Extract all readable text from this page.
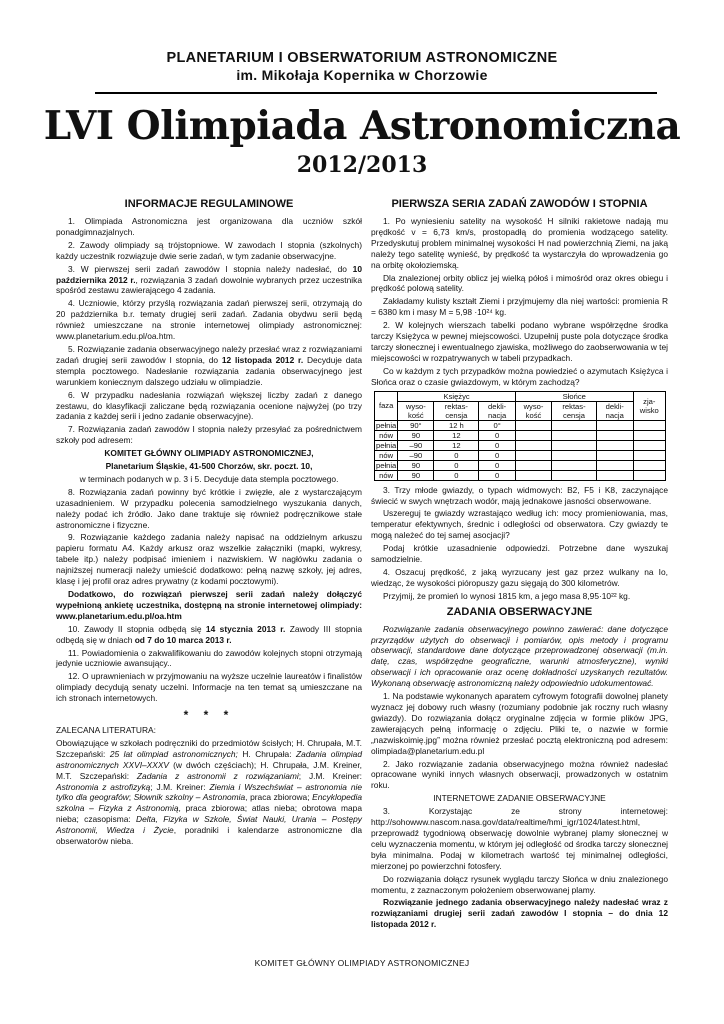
PLANETARIUM I OBSERWATORIUM ASTRONOMICZNE
im. Mikołaja Kopernika w Chorzowie
LVI Olimpiada Astronomiczna
2012/2013
INFORMACJE REGULAMINOWE

1. Olimpiada Astronomiczna jest organizowana dla uczniów szkół ponadgimnazjalnych.

2. Zawody olimpiady są trójstopniowe. W zawodach I stopnia (szkolnych) każdy uczestnik rozwiązuje dwie serie zadań, w tym zadanie obserwacyjne.

3. W pierwszej serii zadań zawodów I stopnia należy nadesłać, do 10 października 2012 r., rozwiązania 3 zadań dowolnie wybranych przez uczestnika spośród zestawu zawierającego 4 zadania.

4. Uczniowie, którzy przyślą rozwiązania zadań pierwszej serii, otrzymają do 20 października b.r. tematy drugiej serii zadań. Zadania obydwu serii będą również umieszczane na stronie internetowej olimpiady astronomicznej: www.planetarium.edu.pl/oa.htm.

5. Rozwiązanie zadania obserwacyjnego należy przesłać wraz z rozwiązaniami zadań drugiej serii zawodów I stopnia, do 12 listopada 2012 r. Decyduje data stempla pocztowego. Nadesłanie rozwiązania zadania obserwacyjnego jest warunkiem koniecznym dalszego udziału w olimpiadzie.

6. W przypadku nadesłania rozwiązań większej liczby zadań z danego zestawu, do klasyfikacji zaliczane będą rozwiązania ocenione najwyżej (po trzy zadania z każdej serii i jedno zadanie obserwacyjne).

7. Rozwiązania zadań zawodów I stopnia należy przesyłać za pośrednictwem szkoły pod adresem:

KOMITET GŁÓWNY OLIMPIADY ASTRONOMICZNEJ,

Planetarium Śląskie, 41-500 Chorzów, skr. poczt. 10,

w terminach podanych w p. 3 i 5. Decyduje data stempla pocztowego.

8. Rozwiązania zadań powinny być krótkie i zwięzłe, ale z wystarczającym uzasadnieniem. W przypadku polecenia samodzielnego wyszukania danych, należy podać ich źródło. Jako dane traktuje się również podręcznikowe stałe astronomiczne i fizyczne.

9. Rozwiązanie każdego zadania należy napisać na oddzielnym arkuszu papieru formatu A4. Każdy arkusz oraz wszelkie załączniki (mapki, wykresy, tabele itp.) należy podpisać imieniem i nazwiskiem. W nagłówku zadania o najniższej numeracji należy umieścić dodatkowo: pełną nazwę szkoły, jej adres, klasę i jej profil oraz adres prywatny (z kodami pocztowymi).

Dodatkowo, do rozwiązań pierwszej serii zadań należy dołączyć wypełnioną ankietę uczestnika, dostępną na stronie internetowej olimpiady: www.planetarium.edu.pl/oa.htm

10. Zawody II stopnia odbędą się 14 stycznia 2013 r. Zawody III stopnia odbędą się w dniach od 7 do 10 marca 2013 r.

11. Powiadomienia o zakwalifikowaniu do zawodów kolejnych stopni otrzymają jedynie uczniowie awansujący..

12. O uprawnieniach w przyjmowaniu na wyższe uczelnie laureatów i finalistów olimpiady decydują senaty uczelni. Informacje na ten temat są umieszczane na ich stronach internetowych.

* * *

ZALECANA LITERATURA:

Obowiązujące w szkołach podręczniki do przedmiotów ścisłych; H. Chrupała, M.T. Szczepański: 25 lat olimpiad astronomicznych; H. Chrupała: Zadania olimpiad astronomicznych XXVI–XXXV (w dwóch częściach); H. Chrupała, J.M. Kreiner, M.T. Szczepański: Zadania z astronomii z rozwiązaniami; J.M. Kreiner: Astronomia z astrofizyką; J.M. Kreiner: Ziemia i Wszechświat – astronomia nie tylko dla geografów; Słownik szkolny – Astronomia, praca zbiorowa; Encyklopedia szkolna – Fizyka z Astronomią, praca zbiorowa; atlas nieba; obrotowa mapa nieba; czasopisma: Delta, Fizyka w Szkole, Świat Nauki, Urania – Postępy Astronomii, Wiedza i Życie, poradniki i kalendarze astronomiczne dla obserwatorów nieba.

PIERWSZA SERIA ZADAŃ ZAWODÓW I STOPNIA

1. Po wyniesieniu satelity na wysokość H silniki rakietowe nadają mu prędkość v = 6,73 km/s, prostopadłą do promienia wodzącego satelity. Przedyskutuj problem minimalnej wysokości H nad powierzchnią Ziemi, na jaką należy tego satelitę wynieść, by prędkość ta wystarczyła do wprowadzenia go na orbitę okołoziemską.

Dla znalezionej orbity oblicz jej wielką półoś i mimośród oraz okres obiegu i prędkość polową satelity.

Zakładamy kulisty kształt Ziemi i przyjmujemy dla niej wartości: promienia R = 6380 km i masy M = 5,98 ·10²⁴ kg.

2. W kolejnych wierszach tabelki podano wybrane współrzędne środka tarczy Księżyca w pewnej miejscowości. Uzupełnij puste pola dotyczące środka tarczy słonecznej i ewentualnego zjawiska, możliwego do zaobserwowania w tej miejscowości w rozpatrywanych w tabeli przypadkach.

Co w każdym z tych przypadków można powiedzieć o azymutach Księżyca i Słońca oraz o czasie gwiazdowym, w którym zachodzą?

faza	Księżyc			Słońce			zja-wisko
	wyso-kość	rektas-censja	dekli-nacja	wyso-kość	rektas-censja	dekli-nacja	
pełnia	90°	12 h	0°				
nów	90	12	0				
pełnia	–90	12	0				
nów	–90	0	0				
pełnia	90	0	0				
nów	90	0	0				

3. Trzy młode gwiazdy, o typach widmowych: B2, F5 i K8, zaczynające świecić w swych wnętrzach wodór, mają jednakowe jasności obserwowane.

Uszereguj te gwiazdy wzrastająco według ich: mocy promieniowania, mas, temperatur efektywnych, średnic i odległości od obserwatora. Czy gwiazdy te mogą należeć do tej samej asocjacji?

Podaj krótkie uzasadnienie odpowiedzi. Potrzebne dane wyszukaj samodzielnie.

4. Oszacuj prędkość, z jaką wyrzucany jest gaz przez wulkany na Io, wiedząc, że wysokości pióropuszy gazu sięgają do 300 kilometrów.

Przyjmij, że promień Io wynosi 1815 km, a jego masa 8,95·10²² kg.

ZADANIA OBSERWACYJNE

Rozwiązanie zadania obserwacyjnego powinno zawierać: dane dotyczące przyrządów użytych do obserwacji i pomiarów, opis metody i programu obserwacji, standardowe dane dotyczące przeprowadzonej obserwacji (m.in. datę, czas, współrzędne geograficzne, warunki atmosferyczne), wyniki obserwacji i ich opracowanie oraz ocenę dokładności uzyskanych rezultatów. Wykonaną obserwację astronomiczną należy odpowiednio udokumentować.

1. Na podstawie wykonanych aparatem cyfrowym fotografii dowolnej planety wyznacz jej dobowy ruch własny (rozumiany podobnie jak roczny ruch własny gwiazdy). Do rozwiązania dołącz oryginalne zdjęcia w formie plików JPG, zawierających pełną informację o zdjęciu. Pliki te, o nazwie w formie „nazwiskoimię.jpg” można również przesłać pocztą elektroniczną pod adresem: olimpiada@planetarium.edu.pl

2. Jako rozwiązanie zadania obserwacyjnego można również nadesłać opracowane wyniki innych własnych obserwacji, prowadzonych w ostatnim roku.

INTERNETOWE ZADANIE OBSERWACYJNE

3. Korzystając ze strony internetowej: http://sohowww.nascom.nasa.gov/data/realtime/hmi_igr/1024/latest.html, przeprowadź tygodniową obserwację dowolnie wybranej plamy słonecznej w celu wyznaczenia momentu, w którym jej odległość od środka tarczy słonecznej była minimalna. Podaj w kilometrach wartość tej minimalnej odległości, mierzonej po powierzchni fotosfery.

Do rozwiązania dołącz rysunek wyglądu tarczy Słońca w dniu znalezionego momentu, z zaznaczonym położeniem obserwowanej plamy.

Rozwiązanie jednego zadania obserwacyjnego należy nadesłać wraz z rozwiązaniami drugiej serii zadań zawodów I stopnia – do dnia 12 listopada 2012 r.

KOMITET GŁÓWNY OLIMPIADY ASTRONOMICZNEJ
